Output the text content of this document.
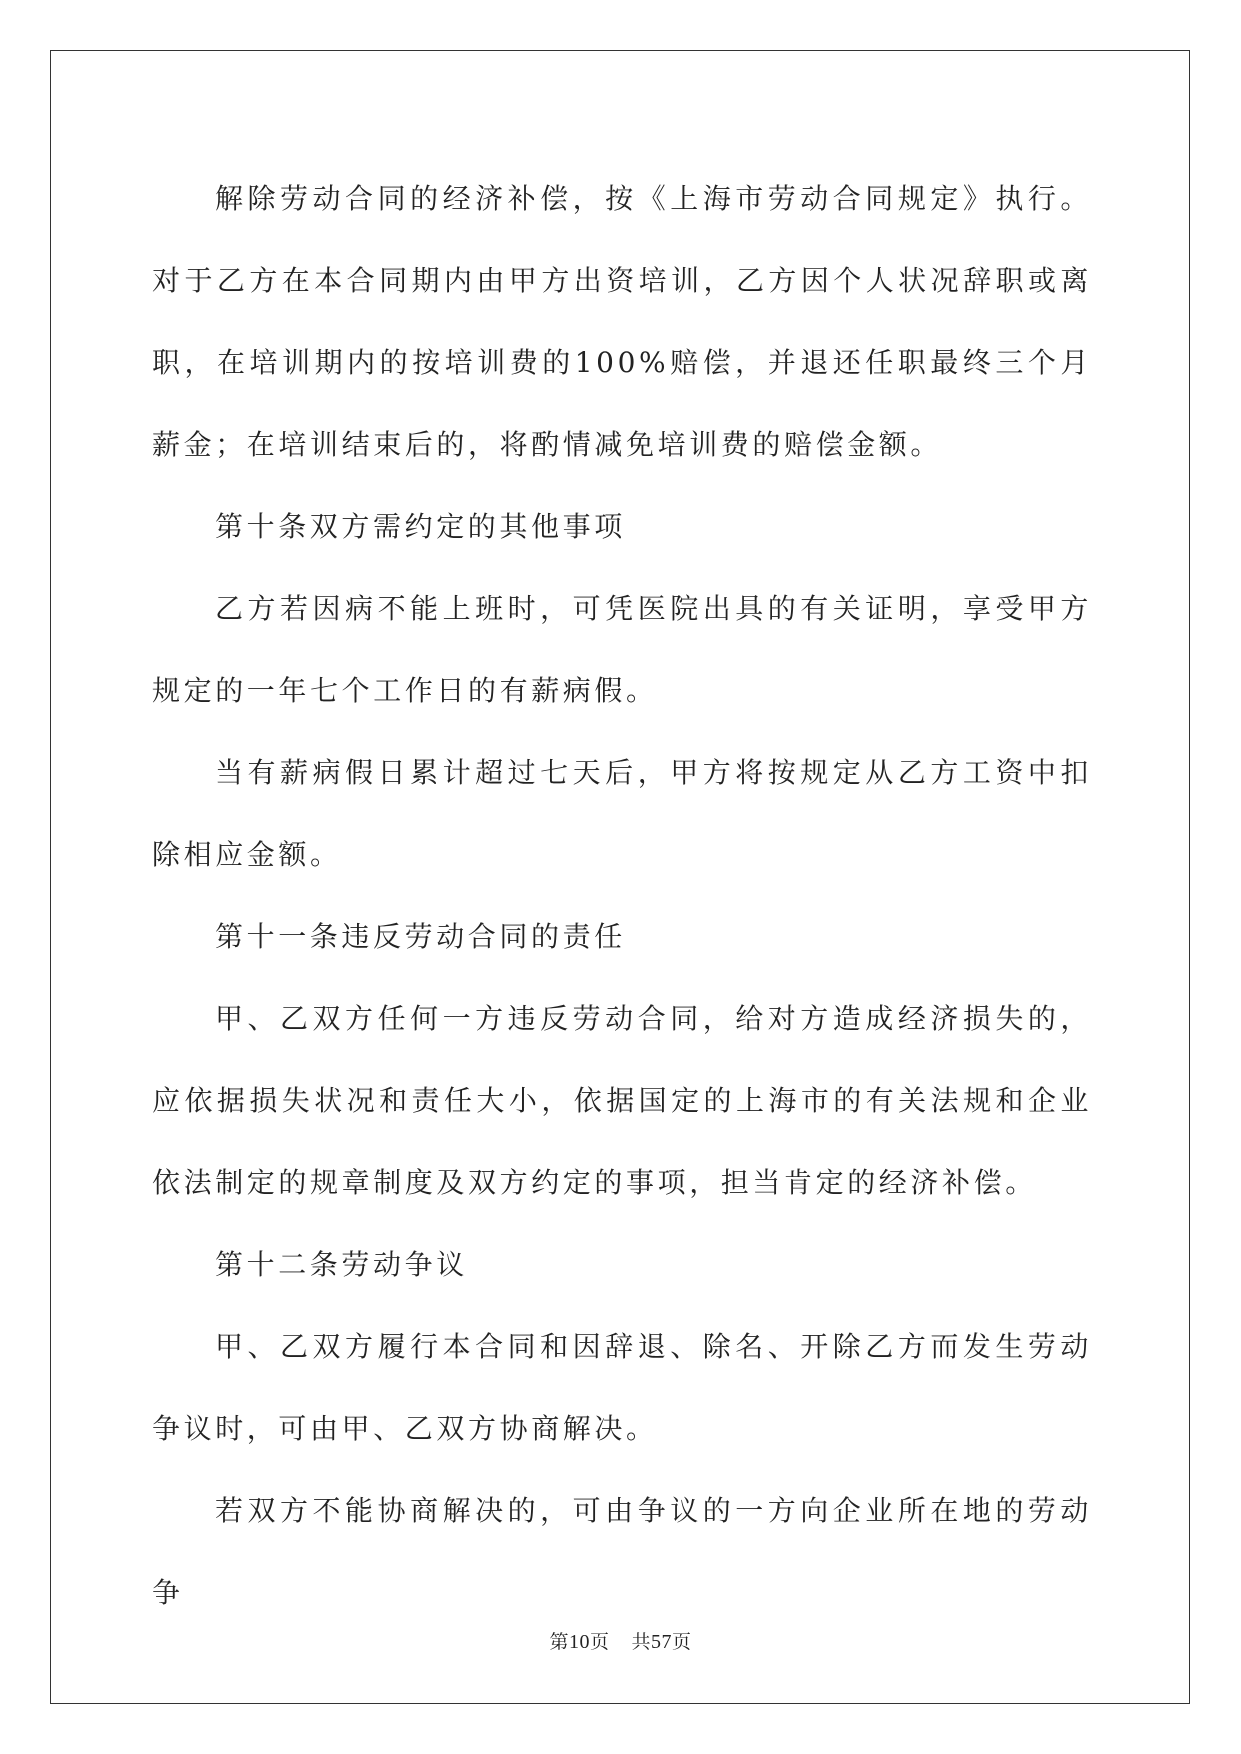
解除劳动合同的经济补偿，按《上海市劳动合同规定》执行。对于乙方在本合同期内由甲方出资培训，乙方因个人状况辞职或离职，在培训期内的按培训费的100%赔偿，并退还任职最终三个月薪金；在培训结束后的，将酌情减免培训费的赔偿金额。

第十条双方需约定的其他事项

乙方若因病不能上班时，可凭医院出具的有关证明，享受甲方规定的一年七个工作日的有薪病假。

当有薪病假日累计超过七天后，甲方将按规定从乙方工资中扣除相应金额。

第十一条违反劳动合同的责任

甲、乙双方任何一方违反劳动合同，给对方造成经济损失的，应依据损失状况和责任大小，依据国定的上海市的有关法规和企业依法制定的规章制度及双方约定的事项，担当肯定的经济补偿。

第十二条劳动争议

甲、乙双方履行本合同和因辞退、除名、开除乙方而发生劳动争议时，可由甲、乙双方协商解决。

若双方不能协商解决的，可由争议的一方向企业所在地的劳动争

第10页 共57页
